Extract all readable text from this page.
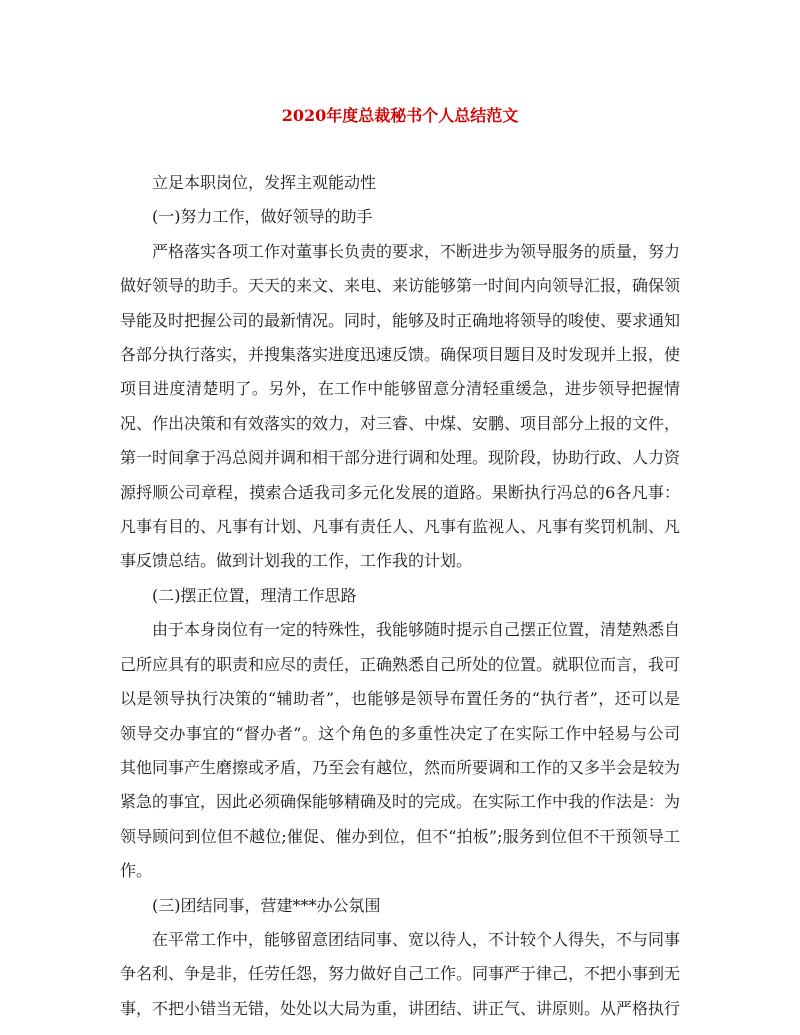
2020年度总裁秘书个人总结范文

立足本职岗位，发挥主观能动性

(一)努力工作，做好领导的助手

严格落实各项工作对董事长负责的要求，不断进步为领导服务的质量，努力做好领导的助手。天天的来文、来电、来访能够第一时间内向领导汇报，确保领导能及时把握公司的最新情况。同时，能够及时正确地将领导的唆使、要求通知各部分执行落实，并搜集落实进度迅速反馈。确保项目题目及时发现并上报，使项目进度清楚明了。另外，在工作中能够留意分清轻重缓急，进步领导把握情况、作出决策和有效落实的效力，对三睿、中煤、安鹏、项目部分上报的文件，第一时间拿于冯总阅并调和相干部分进行调和处理。现阶段，协助行政、人力资源捋顺公司章程，摸索合适我司多元化发展的道路。果断执行冯总的6各凡事：凡事有目的、凡事有计划、凡事有责任人、凡事有监视人、凡事有奖罚机制、凡事反馈总结。做到计划我的工作，工作我的计划。

(二)摆正位置，理清工作思路

由于本身岗位有一定的特殊性，我能够随时提示自己摆正位置，清楚熟悉自己所应具有的职责和应尽的责任，正确熟悉自己所处的位置。就职位而言，我可以是领导执行决策的“辅助者”，也能够是领导布置任务的“执行者”，还可以是领导交办事宜的“督办者”。这个角色的多重性决定了在实际工作中轻易与公司其他同事产生磨擦或矛盾，乃至会有越位，然而所要调和工作的又多半会是较为紧急的事宜，因此必须确保能够精确及时的完成。在实际工作中我的作法是：为领导顾问到位但不越位;催促、催办到位，但不“拍板”;服务到位但不干预领导工作。

(三)团结同事，营建***办公氛围

在平常工作中，能够留意团结同事、宽以待人，不计较个人得失，不与同事争名利、争是非，任劳任怨，努力做好自己工作。同事严于律己，不把小事到无事，不把小错当无错，处处以大局为重，讲团结、讲正气、讲原则。从严格执行
